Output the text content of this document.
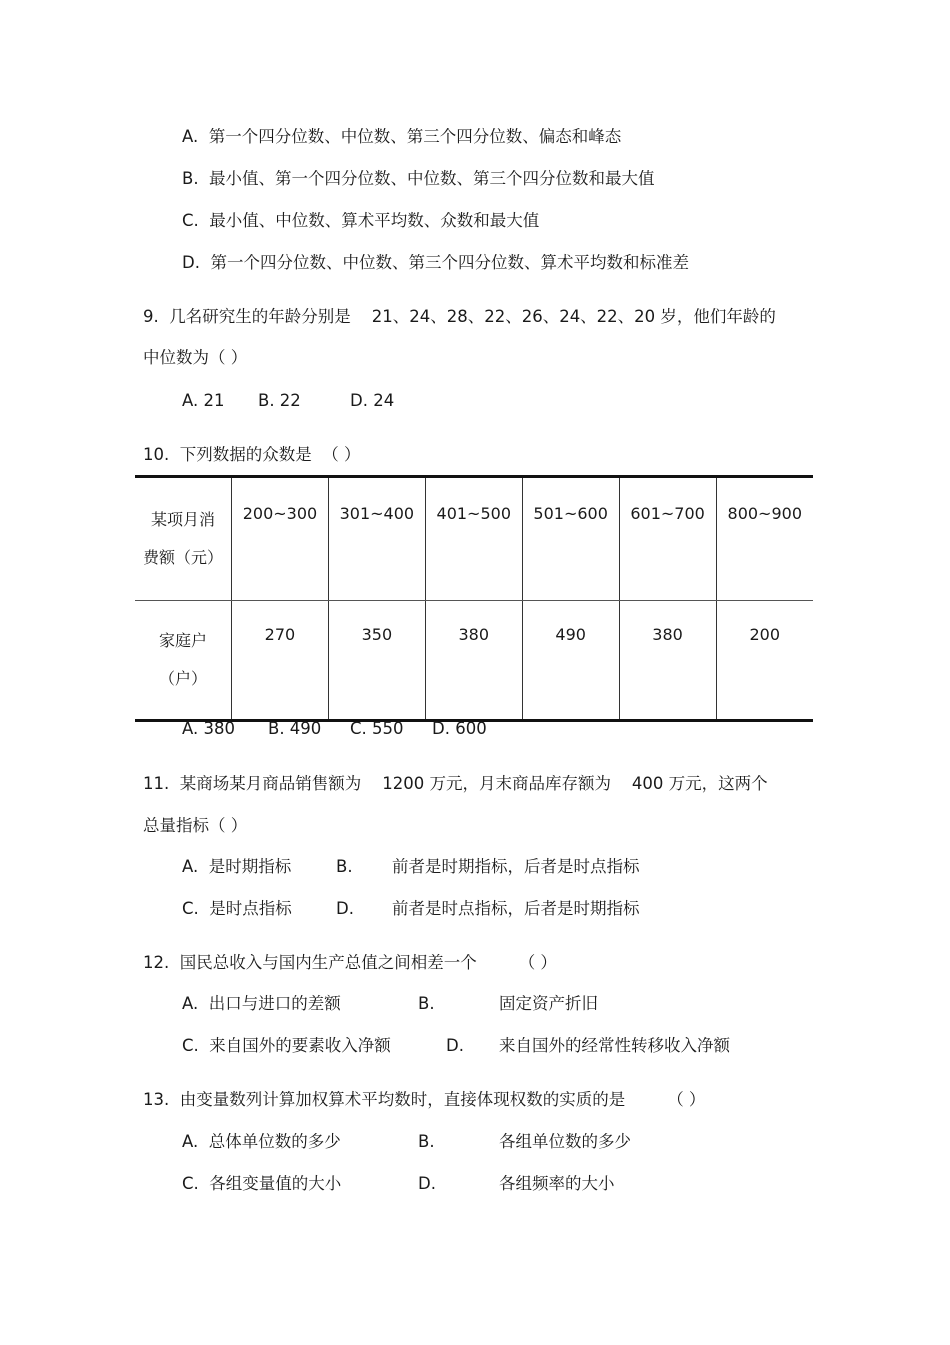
A.  第一个四分位数、中位数、第三个四分位数、偏态和峰态
B.  最小值、第一个四分位数、中位数、第三个四分位数和最大值
C.  最小值、中位数、算术平均数、众数和最大值
D.  第一个四分位数、中位数、第三个四分位数、算术平均数和标准差
9.  几名研究生的年龄分别是    21、24、28、22、26、24、22、20 岁，他们年龄的
中位数为（ ）
A. 21 B. 22	D. 24
10.  下列数据的众数是  （ ）
某项月消
费额（元）	200~300	301~400	401~500	501~600	601~700	800~900

家庭户
（户）	270	350	380	490	380	200
A. 380 B. 490 C. 550 D. 600
11.  某商场某月商品销售额为    1200 万元，月末商品库存额为    400 万元，这两个
总量指标（ ）
A.  是时期指标	B. 前者是时期指标，后者是时点指标
C.  是时点指标	D. 前者是时点指标，后者是时期指标
12.  国民总收入与国内生产总值之间相差一个        （ ）
A.  出口与进口的差额	B.	固定资产折旧
C.  来自国外的要素收入净额	D. 来自国外的经常性转移收入净额
13.  由变量数列计算加权算术平均数时，直接体现权数的实质的是        （ ）
A.  总体单位数的多少	B.	各组单位数的多少
C.  各组变量值的大小	D.	各组频率的大小
